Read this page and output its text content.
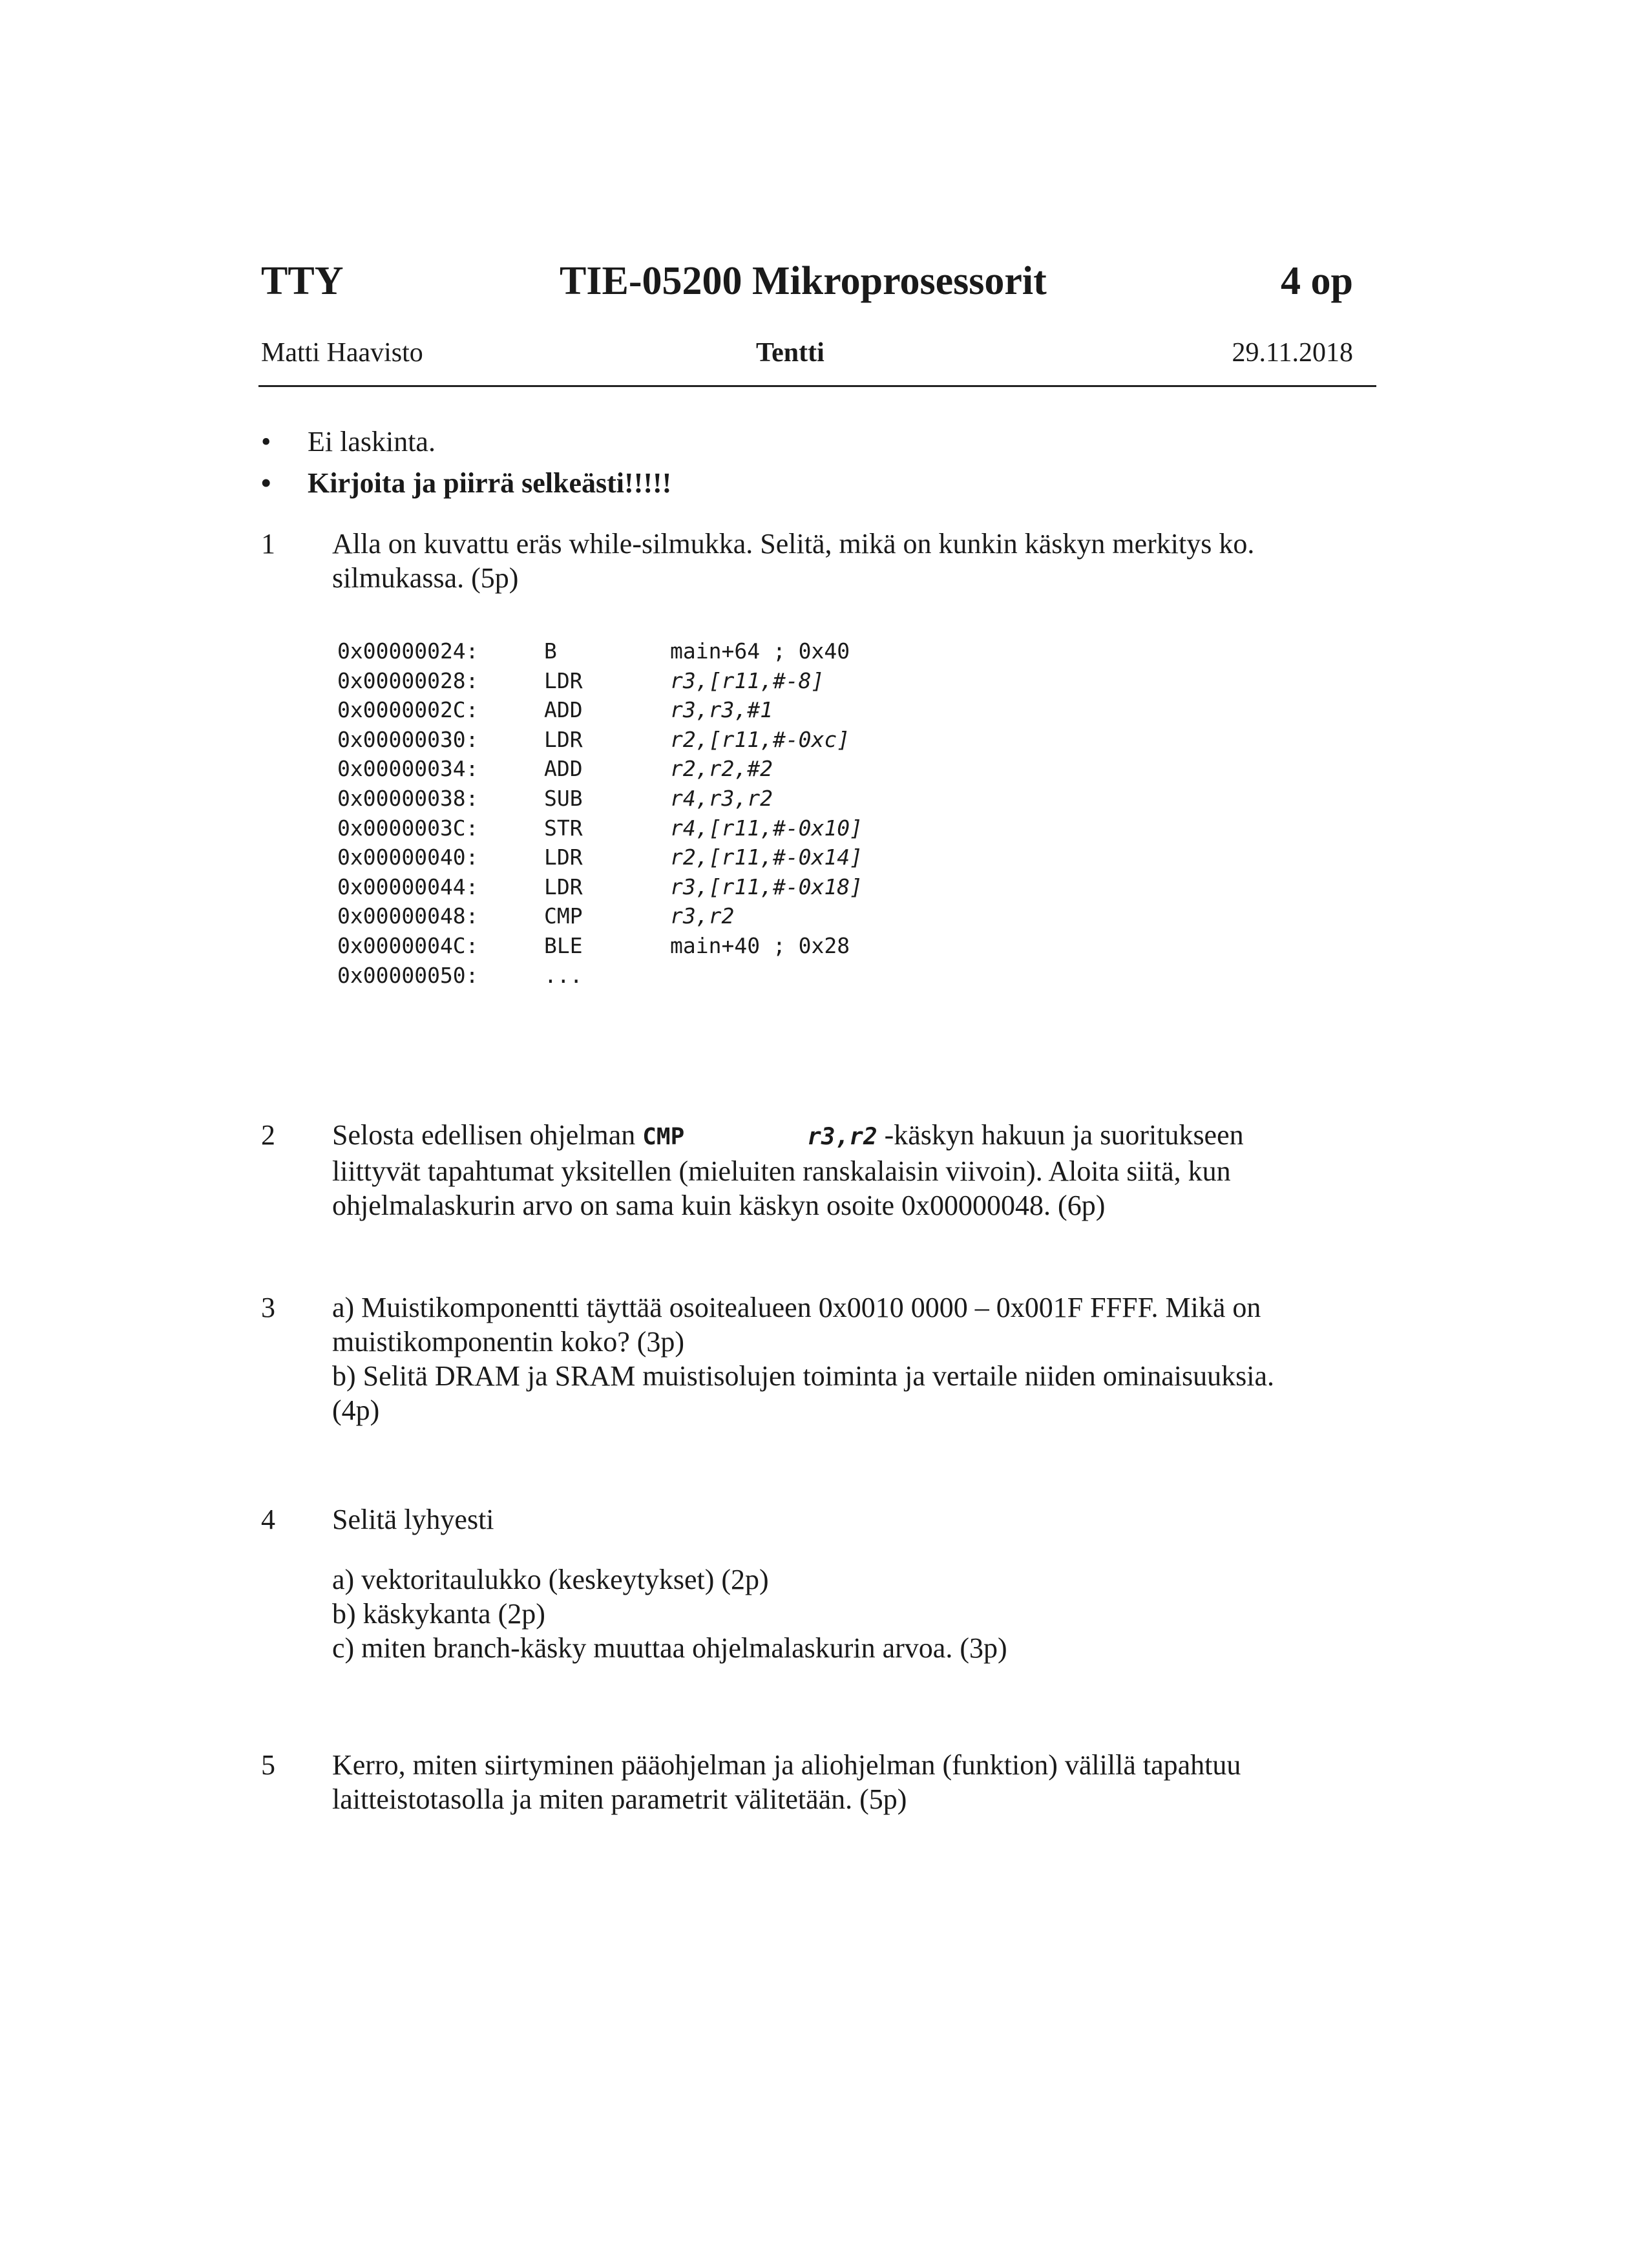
TTY	TIE-05200 Mikroprosessorit	4 op
Matti Haavisto	Tentti	29.11.2018
•	Ei laskinta.
•	Kirjoita ja piirrä selkeästi!!!!!
1	Alla on kuvattu eräs while-silmukka. Selitä, mikä on kunkin käskyn merkitys ko.
silmukassa. (5p)
0x00000024:	B	main+64 ; 0x40
0x00000028:	LDR	r3,[r11,#-8]
0x0000002C:	ADD	r3,r3,#1
0x00000030:	LDR	r2,[r11,#-0xc]
0x00000034:	ADD	r2,r2,#2
0x00000038:	SUB	r4,r3,r2
0x0000003C:	STR	r4,[r11,#-0x10]
0x00000040:	LDR	r2,[r11,#-0x14]
0x00000044:	LDR	r3,[r11,#-0x18]
0x00000048:	CMP	r3,r2
0x0000004C:	BLE	main+40 ; 0x28
0x00000050:	...
2	Selosta edellisen ohjelman CMP	r3,r2 -käskyn hakuun ja suoritukseen
liittyvät tapahtumat yksitellen (mieluiten ranskalaisin viivoin). Aloita siitä, kun
ohjelmalaskurin arvo on sama kuin käskyn osoite 0x00000048. (6p)
3	a) Muistikomponentti täyttää osoitealueen 0x0010 0000 – 0x001F FFFF. Mikä on
muistikomponentin koko? (3p)
b) Selitä DRAM ja SRAM muistisolujen toiminta ja vertaile niiden ominaisuuksia.
(4p)
4	Selitä lyhyesti
a) vektoritaulukko (keskeytykset) (2p)
b) käskykanta (2p)
c) miten branch-käsky muuttaa ohjelmalaskurin arvoa. (3p)
5	Kerro, miten siirtyminen pääohjelman ja aliohjelman (funktion) välillä tapahtuu
laitteistotasolla ja miten parametrit välitetään. (5p)
